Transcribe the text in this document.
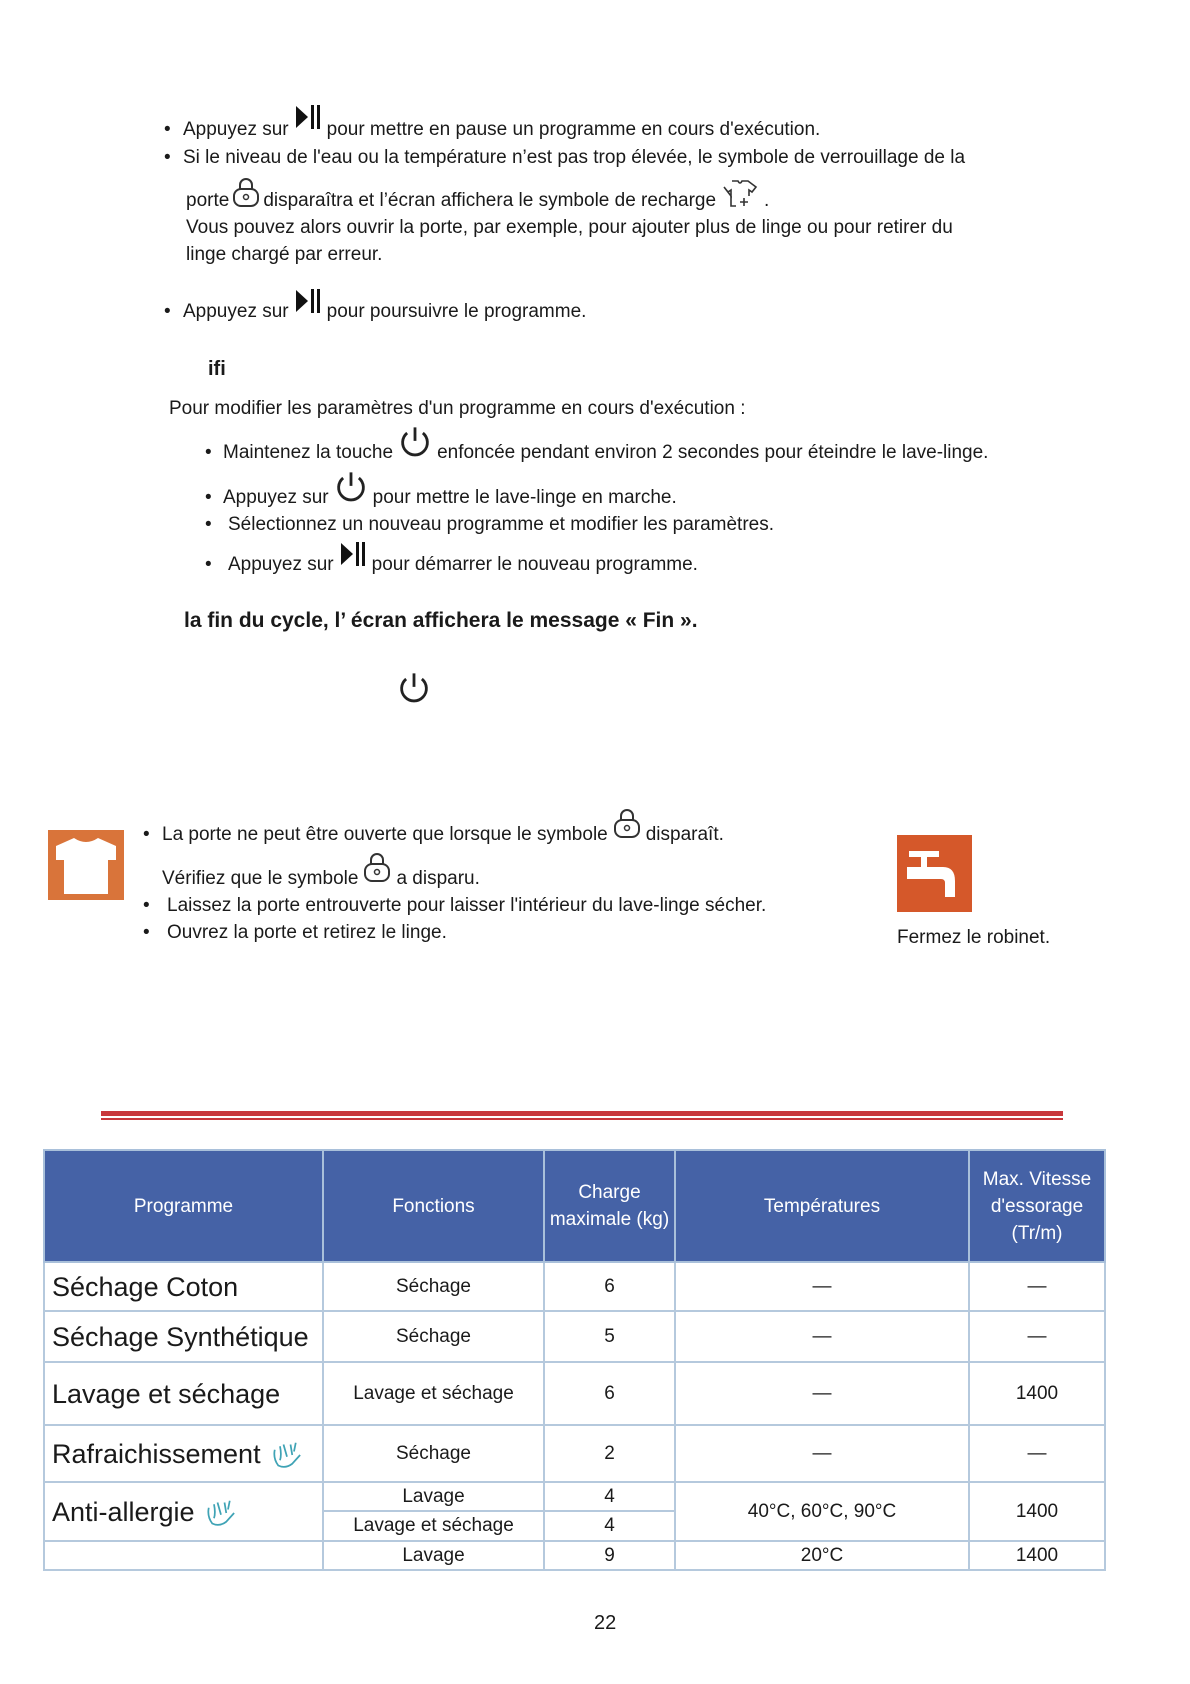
• Appuyez sur pour mettre en pause un programme en cours d'exécution.
• Si le niveau de l'eau ou la température n’est pas trop élevée, le symbole de verrouillage de la
porte disparaîtra et l’écran affichera le symbole de recharge	.
Vous pouvez alors ouvrir la porte, par exemple, pour ajouter plus de linge ou pour retirer du
linge chargé par erreur.
• Appuyez sur pour poursuivre le programme.
ifi
Pour modifier les paramètres d'un programme en cours d'exécution :
• Maintenez la touche enfoncée pendant environ 2 secondes pour éteindre le lave-linge.
• Appuyez sur pour mettre le lave-linge en marche.
• Sélectionnez un nouveau programme et modifier les paramètres.
• Appuyez sur pour démarrer le nouveau programme.
la fin du cycle, l’ écran affichera le message « Fin ».
• La porte ne peut être ouverte que lorsque le symbole disparaît.
Vérifiez que le symbole a disparu.
• Laissez la porte entrouverte pour laisser l'intérieur du lave-linge sécher.
• Ouvrez la porte et retirez le linge.	Fermez le robinet.
Programme	Fonctions	Charge maximale (kg)	Températures	Max. Vitesse d'essorage (Tr/m)
Séchage Coton	Séchage	6	—	—
Séchage Synthétique	Séchage	5	—	—
Lavage et séchage	Lavage et séchage	6	—	1400
Rafraichissement	Séchage	2	—	—
Anti-allergie	Lavage	4	40°C, 60°C, 90°C	1400
	Lavage et séchage	4		
	Lavage	9	20°C	1400
22
